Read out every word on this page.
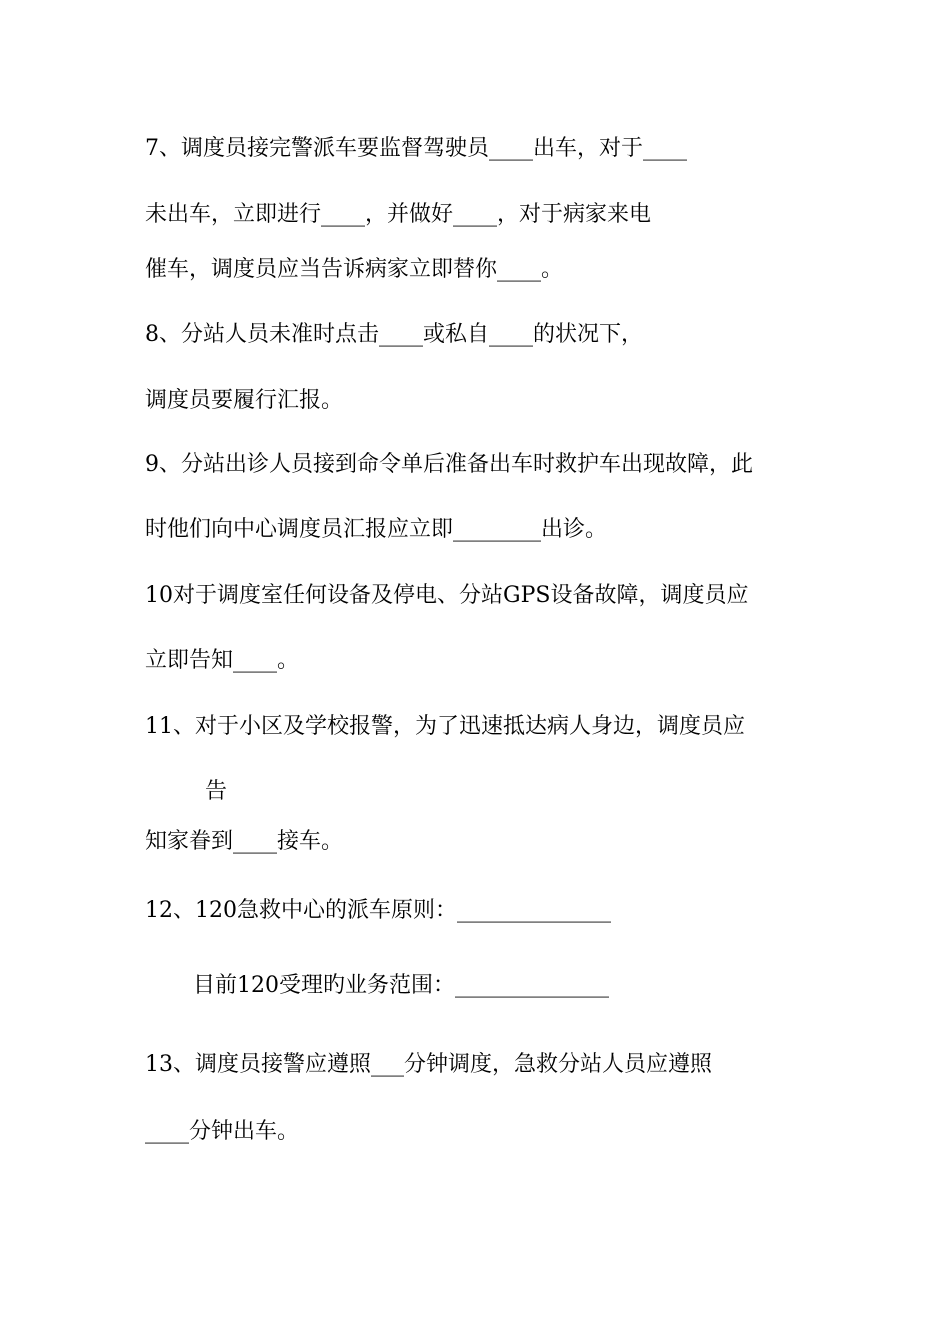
7、调度员接完警派车要监督驾驶员____出车，对于____

未出车，立即进行____，并做好____，对于病家来电

催车，调度员应当告诉病家立即替你____。

8、分站人员未准时点击____或私自____的状况下，

调度员要履行汇报。

9、分站出诊人员接到命令单后准备出车时救护车出现故障，此

时他们向中心调度员汇报应立即________出诊。

10对于调度室任何设备及停电、分站GPS设备故障，调度员应

立即告知____。

11、对于小区及学校报警，为了迅速抵达病人身边，调度员应

告

知家眷到____接车。

12、120急救中心的派车原则：______________

目前120受理旳业务范围：______________

13、调度员接警应遵照___分钟调度，急救分站人员应遵照

____分钟出车。
